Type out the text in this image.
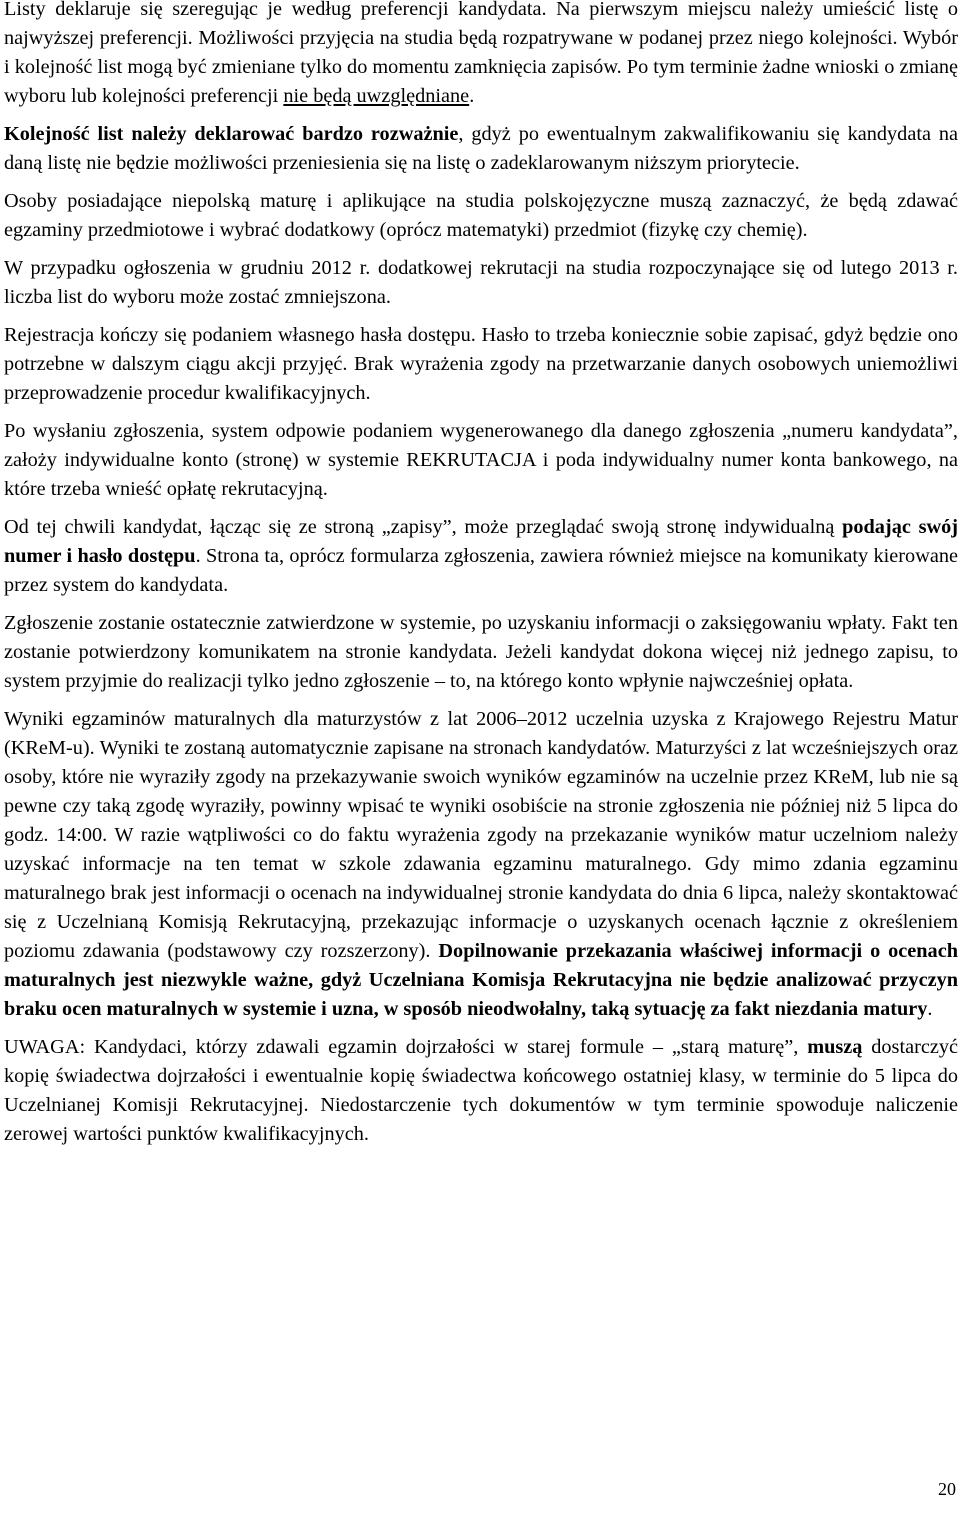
Listy deklaruje się szeregując je według preferencji kandydata. Na pierwszym miejscu należy umieścić listę o najwyższej preferencji. Możliwości przyjęcia na studia będą rozpatrywane w podanej przez niego kolejności. Wybór i kolejność list mogą być zmieniane tylko do momentu zamknięcia zapisów. Po tym terminie żadne wnioski o zmianę wyboru lub kolejności preferencji nie będą uwzględniane.

Kolejność list należy deklarować bardzo rozważnie, gdyż po ewentualnym zakwalifikowaniu się kandydata na daną listę nie będzie możliwości przeniesienia się na listę o zadeklarowanym niższym priorytecie.

Osoby posiadające niepolską maturę i aplikujące na studia polskojęzyczne muszą zaznaczyć, że będą zdawać egzaminy przedmiotowe i wybrać dodatkowy (oprócz matematyki) przedmiot (fizykę czy chemię).

W przypadku ogłoszenia w grudniu 2012 r. dodatkowej rekrutacji na studia rozpoczynające się od lutego 2013 r. liczba list do wyboru może zostać zmniejszona.

Rejestracja kończy się podaniem własnego hasła dostępu. Hasło to trzeba koniecznie sobie zapisać, gdyż będzie ono potrzebne w dalszym ciągu akcji przyjęć. Brak wyrażenia zgody na przetwarzanie danych osobowych uniemożliwi przeprowadzenie procedur kwalifikacyjnych.

Po wysłaniu zgłoszenia, system odpowie podaniem wygenerowanego dla danego zgłoszenia „numeru kandydata”, założy indywidualne konto (stronę) w systemie REKRUTACJA i poda indywidualny numer konta bankowego, na które trzeba wnieść opłatę rekrutacyjną.

Od tej chwili kandydat, łącząc się ze stroną „zapisy”, może przeglądać swoją stronę indywidualną podając swój numer i hasło dostępu. Strona ta, oprócz formularza zgłoszenia, zawiera również miejsce na komunikaty kierowane przez system do kandydata.

Zgłoszenie zostanie ostatecznie zatwierdzone w systemie, po uzyskaniu informacji o zaksięgowaniu wpłaty. Fakt ten zostanie potwierdzony komunikatem na stronie kandydata. Jeżeli kandydat dokona więcej niż jednego zapisu, to system przyjmie do realizacji tylko jedno zgłoszenie – to, na którego konto wpłynie najwcześniej opłata.

Wyniki egzaminów maturalnych dla maturzystów z lat 2006–2012 uczelnia uzyska z Krajowego Rejestru Matur (KReM-u). Wyniki te zostaną automatycznie zapisane na stronach kandydatów. Maturzyści z lat wcześniejszych oraz osoby, które nie wyraziły zgody na przekazywanie swoich wyników egzaminów na uczelnie przez KReM, lub nie są pewne czy taką zgodę wyraziły, powinny wpisać te wyniki osobiście na stronie zgłoszenia nie później niż 5 lipca do godz. 14:00. W razie wątpliwości co do faktu wyrażenia zgody na przekazanie wyników matur uczelniom należy uzyskać informacje na ten temat w szkole zdawania egzaminu maturalnego. Gdy mimo zdania egzaminu maturalnego brak jest informacji o ocenach na indywidualnej stronie kandydata do dnia 6 lipca, należy skontaktować się z Uczelnianą Komisją Rekrutacyjną, przekazując informacje o uzyskanych ocenach łącznie z określeniem poziomu zdawania (podstawowy czy rozszerzony). Dopilnowanie przekazania właściwej informacji o ocenach maturalnych jest niezwykle ważne, gdyż Uczelniana Komisja Rekrutacyjna nie będzie analizować przyczyn braku ocen maturalnych w systemie i uzna, w sposób nieodwołalny, taką sytuację za fakt niezdania matury.

UWAGA: Kandydaci, którzy zdawali egzamin dojrzałości w starej formule – „starą maturę”, muszą dostarczyć kopię świadectwa dojrzałości i ewentualnie kopię świadectwa końcowego ostatniej klasy, w terminie do 5 lipca do Uczelnianej Komisji Rekrutacyjnej. Niedostarczenie tych dokumentów w tym terminie spowoduje naliczenie zerowej wartości punktów kwalifikacyjnych.

20
